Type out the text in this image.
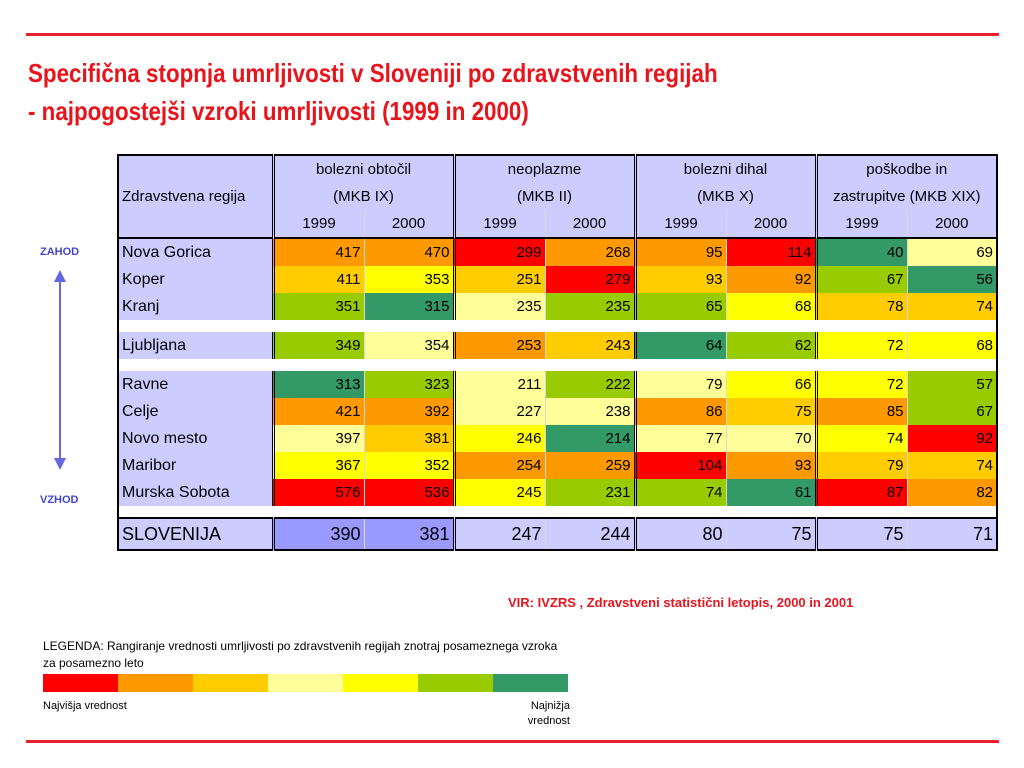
Specifična stopnja umrljivosti v Sloveniji po zdravstvenih regijah
- najpogostejši vzroki umrljivosti (1999 in 2000)
Zdravstvena regija	bolezni obtočil		neoplazme		bolezni dihal		poškodbe in	
	(MKB IX)		(MKB II)		(MKB X)		zastrupitve (MKB XIX)	
	1999	2000	1999	2000	1999	2000	1999	2000
Nova Gorica	417	470	299	268	95	114	40	69
Koper	411	353	251	279	93	92	67	56
Kranj	351	315	235	235	65	68	78	74

Ljubljana	349	354	253	243	64	62	72	68

Ravne	313	323	211	222	79	66	72	57
Celje	421	392	227	238	86	75	85	67
Novo mesto	397	381	246	214	77	70	74	92
Maribor	367	352	254	259	104	93	79	74
Murska Sobota	576	536	245	231	74	61	87	82

SLOVENIJA	390	381	247	244	80	75	75	71
ZAHOD
VZHOD
VIR: IVZRS , Zdravstveni statistični letopis, 2000 in 2001
LEGENDA: Rangiranje vrednosti umrljivosti po zdravstvenih regijah znotraj posameznega vzroka za posamezno leto
Najvišja vrednost	Najnižja vrednost
